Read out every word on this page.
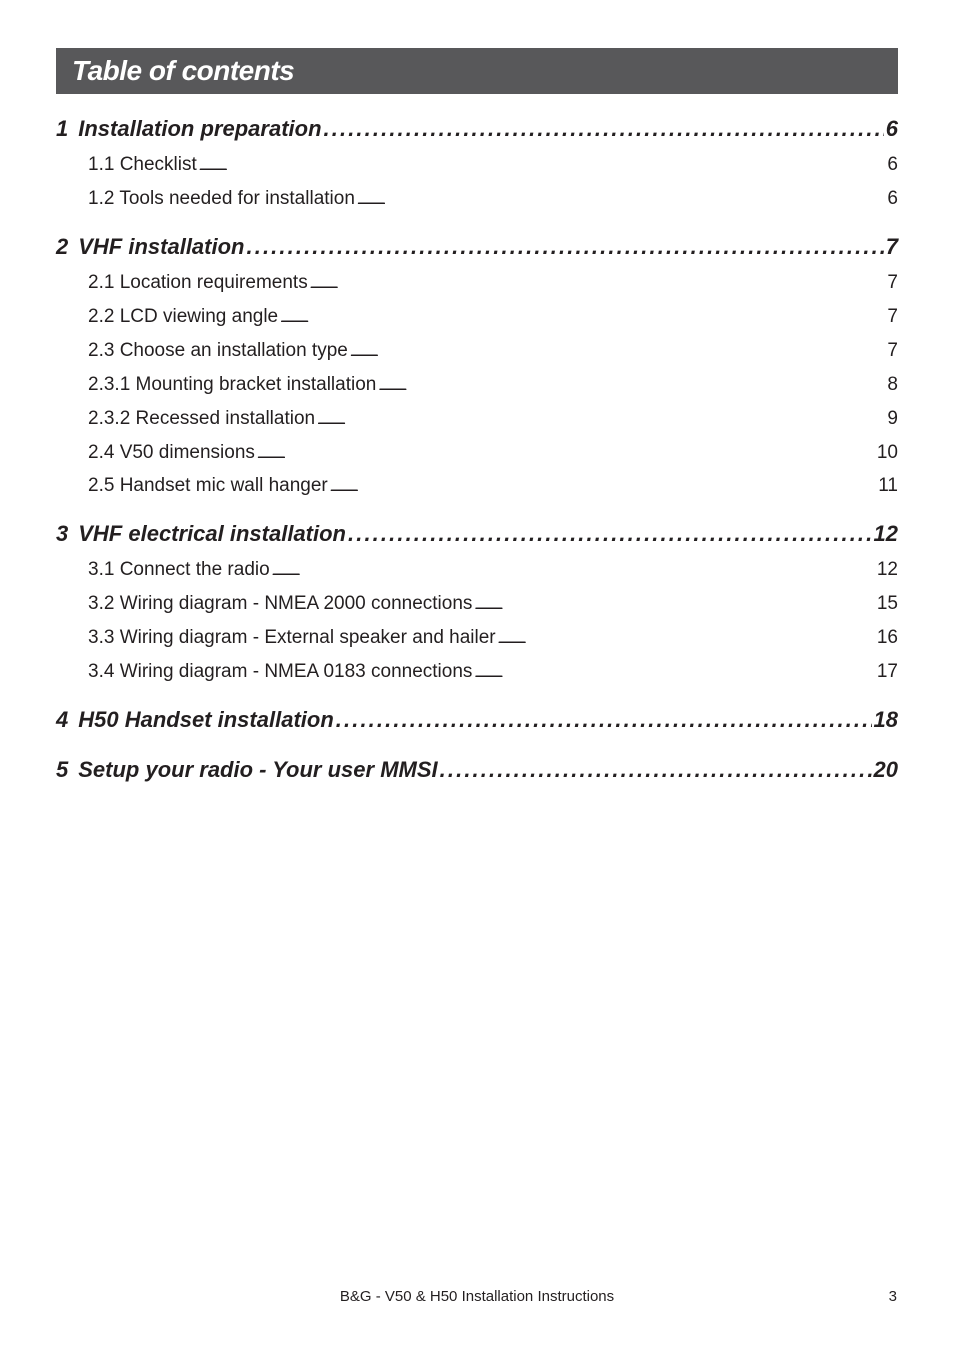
Table of contents
1 Installation preparation . . .	6
1.1 Checklist . . .	6
1.2 Tools needed for installation . . .	6
2 VHF installation . . .	7
2.1 Location requirements . . .	7
2.2 LCD viewing angle . . .	7
2.3 Choose an installation type . . .	7
2.3.1 Mounting bracket installation . . .	8
2.3.2 Recessed installation . . .	9
2.4 V50 dimensions . . .	10
2.5 Handset mic wall hanger . . .	11
3 VHF electrical installation . . .	12
3.1 Connect the radio . . .	12
3.2 Wiring diagram - NMEA 2000 connections . . .	15
3.3 Wiring diagram - External speaker and hailer . . .	16
3.4 Wiring diagram - NMEA 0183 connections . . .	17
4 H50 Handset installation . . .	18
5 Setup your radio - Your user MMSI . . .	20
B&G - V50 & H50 Installation Instructions	3
